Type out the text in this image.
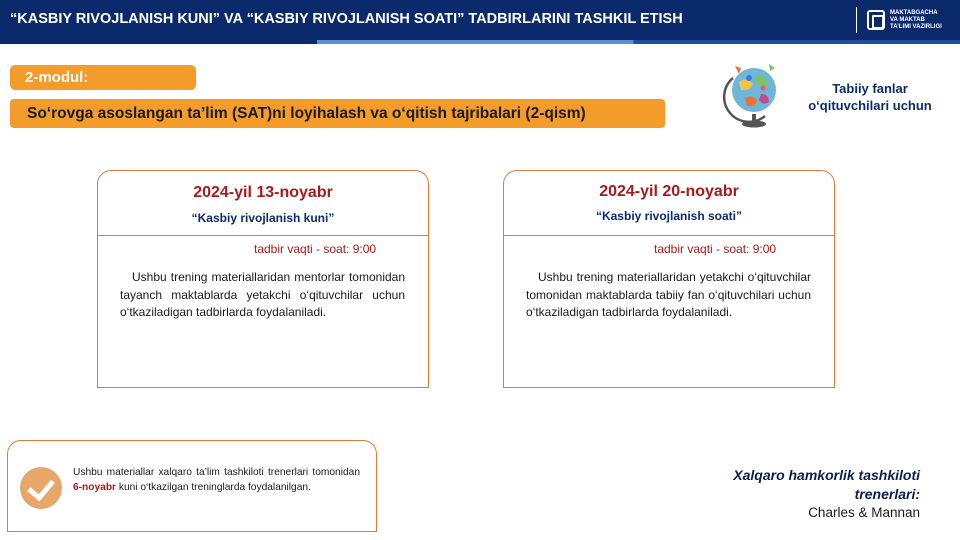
“KASBIY RIVOJLANISH KUNI” VA “KASBIY RIVOJLANISH SOATI” TADBIRLARINI TASHKIL ETISH	MAKTABGACHA
VA MAKTAB
TA’LIMI VAZIRLIGI
2-modul:
So‘rovga asoslangan ta’lim (SAT)ni loyihalash va o‘qitish tajribalari (2-qism)
Tabiiy fanlar o‘qituvchilari uchun
2024-yil 13-noyabr
“Kasbiy rivojlanish kuni”
tadbir vaqti - soat: 9:00
Ushbu trening materiallaridan mentorlar tomonidan tayanch maktablarda yetakchi o‘qituvchilar uchun o‘tkaziladigan tadbirlarda foydalaniladi.
2024-yil 20-noyabr
“Kasbiy rivojlanish soati”
tadbir vaqti - soat: 9:00
Ushbu trening materiallaridan yetakchi o‘qituvchilar tomonidan maktablarda tabiiy fan o‘qituvchilari uchun o‘tkaziladigan tadbirlarda foydalaniladi.
Ushbu materiallar xalqaro ta’lim tashkiloti trenerlari tomonidan 6-noyabr kuni o‘tkazilgan treninglarda foydalanilgan.
Xalqaro hamkorlik tashkiloti trenerlari:
Charles & Mannan
